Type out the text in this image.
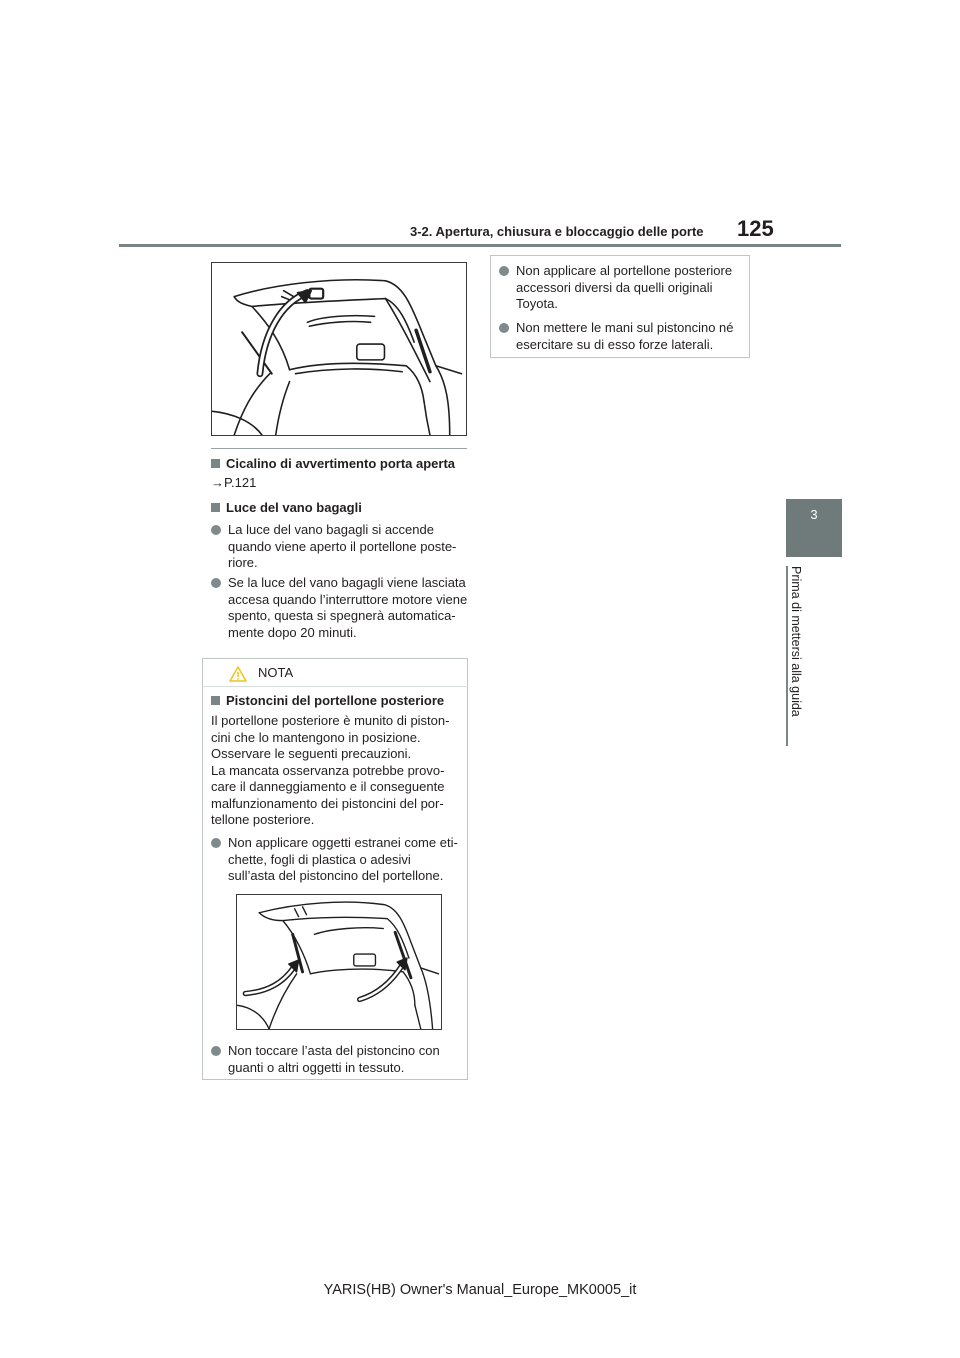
3-2. Apertura, chiusura e bloccaggio delle porte 125
3
Prima di mettersi alla guida
Cicalino di avvertimento porta aperta
→P.121
Luce del vano bagagli
La luce del vano bagagli si accende
quando viene aperto il portellone poste-
riore.
Se la luce del vano bagagli viene lasciata
accesa quando l’interruttore motore viene
spento, questa si spegnerà automatica-
mente dopo 20 minuti.
NOTA
Pistoncini del portellone posteriore
Il portellone posteriore è munito di piston-
cini che lo mantengono in posizione.
Osservare le seguenti precauzioni.
La mancata osservanza potrebbe provo-
care il danneggiamento e il conseguente
malfunzionamento dei pistoncini del por-
tellone posteriore.
Non applicare oggetti estranei come eti-
chette, fogli di plastica o adesivi
sull’asta del pistoncino del portellone.
Non toccare l’asta del pistoncino con
guanti o altri oggetti in tessuto.
Non applicare al portellone posteriore
accessori diversi da quelli originali
Toyota.
Non mettere le mani sul pistoncino né
esercitare su di esso forze laterali.
YARIS(HB) Owner's Manual_Europe_MK0005_it
